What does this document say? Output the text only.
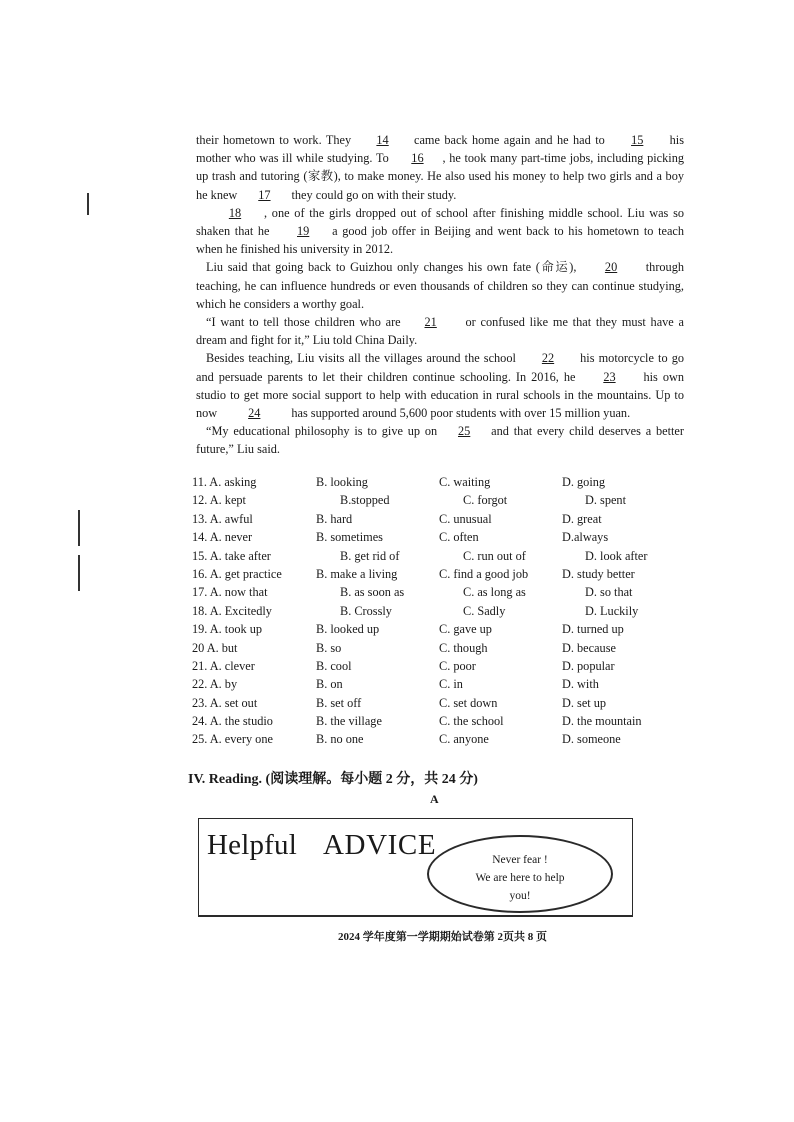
their hometown to work. They 14 came back home again and he had to 15 his mother who was ill while studying. To 16 , he took many part-time jobs, including picking up trash and tutoring (家教), to make money. He also used his money to help two girls and a boy he knew 17 they could go on with their study.

18 , one of the girls dropped out of school after finishing middle school. Liu was so shaken that he 19 a good job offer in Beijing and went back to his hometown to teach when he finished his university in 2012.

Liu said that going back to Guizhou only changes his own fate (命运), 20 through teaching, he can influence hundreds or even thousands of children so they can continue studying, which he considers a worthy goal.

“I want to tell those children who are 21 or confused like me that they must have a dream and fight for it,” Liu told China Daily.

Besides teaching, Liu visits all the villages around the school 22 his motorcycle to go and persuade parents to let their children continue schooling. In 2016, he 23 his own studio to get more social support to help with education in rural schools in the mountains. Up to now	24	has supported around 5,600 poor students with over 15 million yuan.

“My educational philosophy is to give up on 25 and that every child deserves a better future,” Liu said.

11. A. asking	B. looking	C. waiting	D. going
12. A. kept	B.stopped	C. forgot	D. spent
13. A. awful	B. hard	C. unusual	D. great
14. A. never	B. sometimes	C. often	D.always
15. A. take after	B. get rid of	C. run out of	D. look after
16. A. get practice	B. make a living	C. find a good job	D. study better
17. A. now that	B. as soon as	C. as long as	D. so that
18. A. Excitedly	B. Crossly	C. Sadly	D. Luckily
19. A. took up	B. looked up	C. gave up	D. turned up
20 A. but	B. so	C. though	D. because
21. A. clever	B. cool	C. poor	D. popular
22. A. by	B. on	C. in	D. with
23. A. set out	B. set off	C. set down	D. set up
24. A. the studio	B. the village	C. the school	D. the mountain
25. A. every one	B. no one	C. anyone	D. someone
IV. Reading. (阅读理解。每小题 2 分，共 24 分)
A
Helpful ADVICE	Never fear !
We are here to help
you!
2024 学年度第一学期期始试卷第 2页共 8 页
